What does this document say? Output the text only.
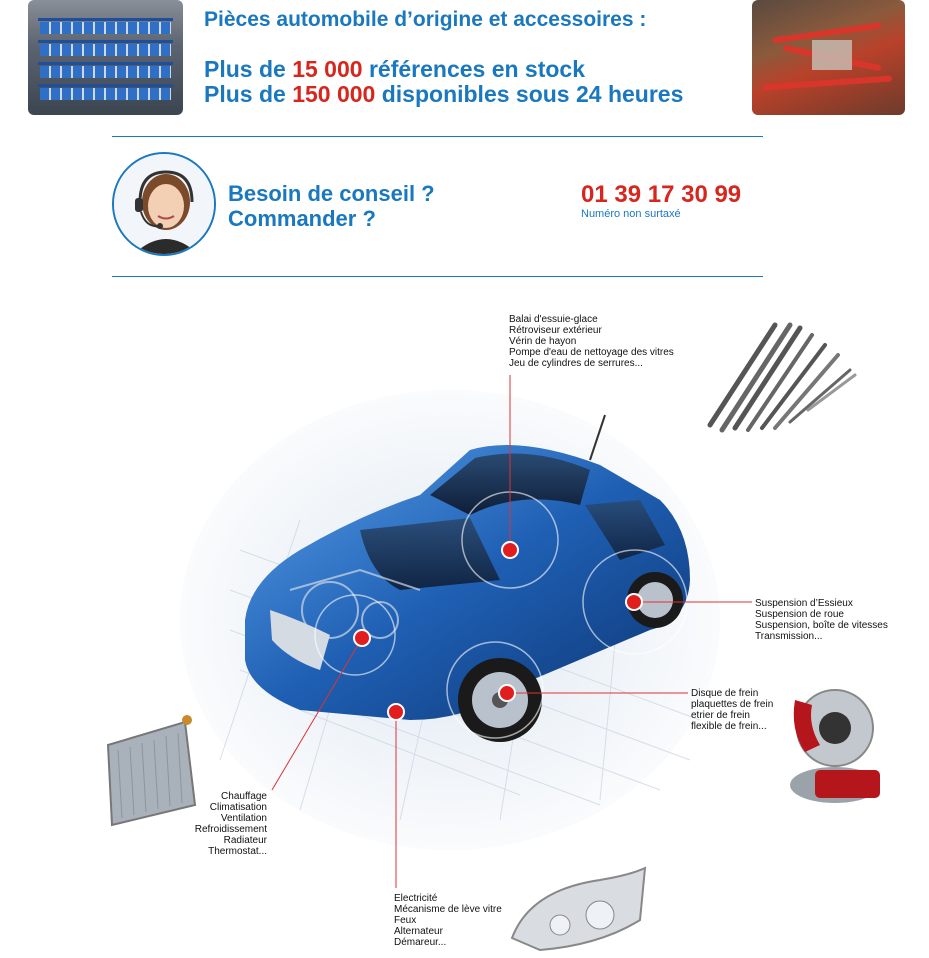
Pièces automobile d’origine et accessoires :
Plus de 15 000 références en stock
Plus de 150 000 disponibles sous 24 heures
Besoin de conseil ?
Commander ?
01 39 17 30 99
Numéro non surtaxé
Balai d'essuie-glace
Rétroviseur extérieur
Vérin de hayon
Pompe d'eau de nettoyage des vitres
Jeu de cylindres de serrures...
Suspension d’Essieux
Suspension de roue
Suspension, boîte de vitesses
Transmission...
Disque de frein
plaquettes de frein
etrier de frein
flexible de frein...
Chauffage
Climatisation
Ventilation
Refroidissement
Radiateur
Thermostat...
Electricité
Mécanisme de lève vitre
Feux
Alternateur
Démareur...
